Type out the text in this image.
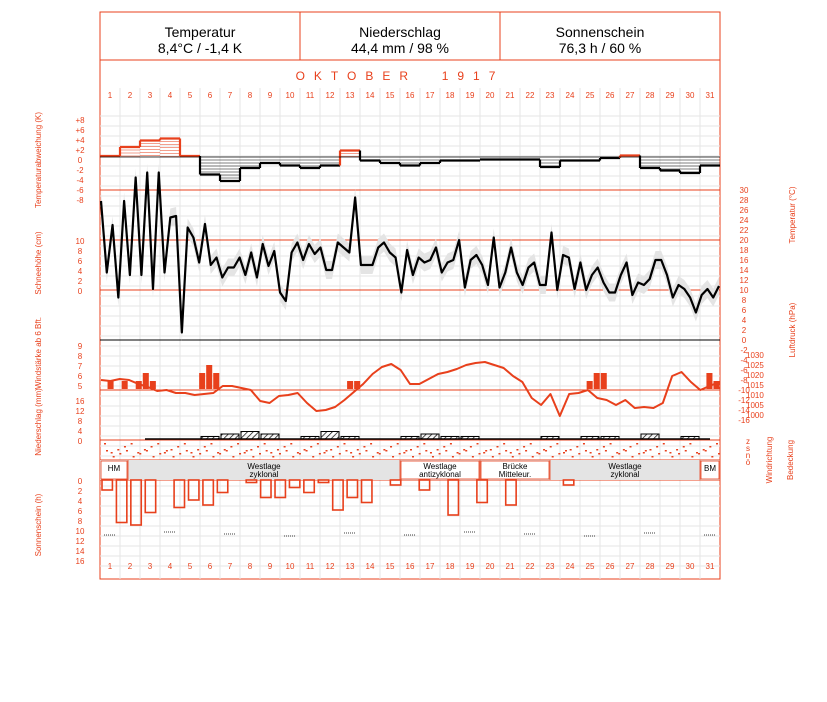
Temperatur
8,4°C / -1,4 K
Niederschlag
44,4 mm / 98 %
Sonnenschein
76,3 h / 60 %
OKTOBER  1917
1
1
2
2
3
3
4
4
5
5
6
6
7
7
8
8
9
9
10
10
11
11
12
12
13
13
14
14
15
15
16
16
17
17
18
18
19
19
20
20
21
21
22
22
23
23
24
24
25
25
26
26
27
27
28
28
29
29
30
30
31
31
+8
+6
+4
+2
0
-2
-4
-6
-8
10
8
6
4
2
0
9
8
7
6
5
16
12
8
4
0
0
2
4
6
8
10
12
14
16
30
28
26
24
22
20
18
16
14
12
10
8
6
4
2
0
-2
-4
-6
-8
-10
-12
-14
-16
1030
1025
1020
1015
1010
1005
1000
z
s
n
ö
Temperaturabweichung (K)
Schneehöhe (cm)
Windstärke ab 6 Bft.
Niederschlag (mm)
Sonnenschein (h)
Temperatur (°C)
Luftdruck (hPa)
Windrichtung Bedeckung
HM	Westlage
zyklonal
Westlage
antizyklonal
Brücke
Mitteleur.
Westlage
zyklonal
BM
